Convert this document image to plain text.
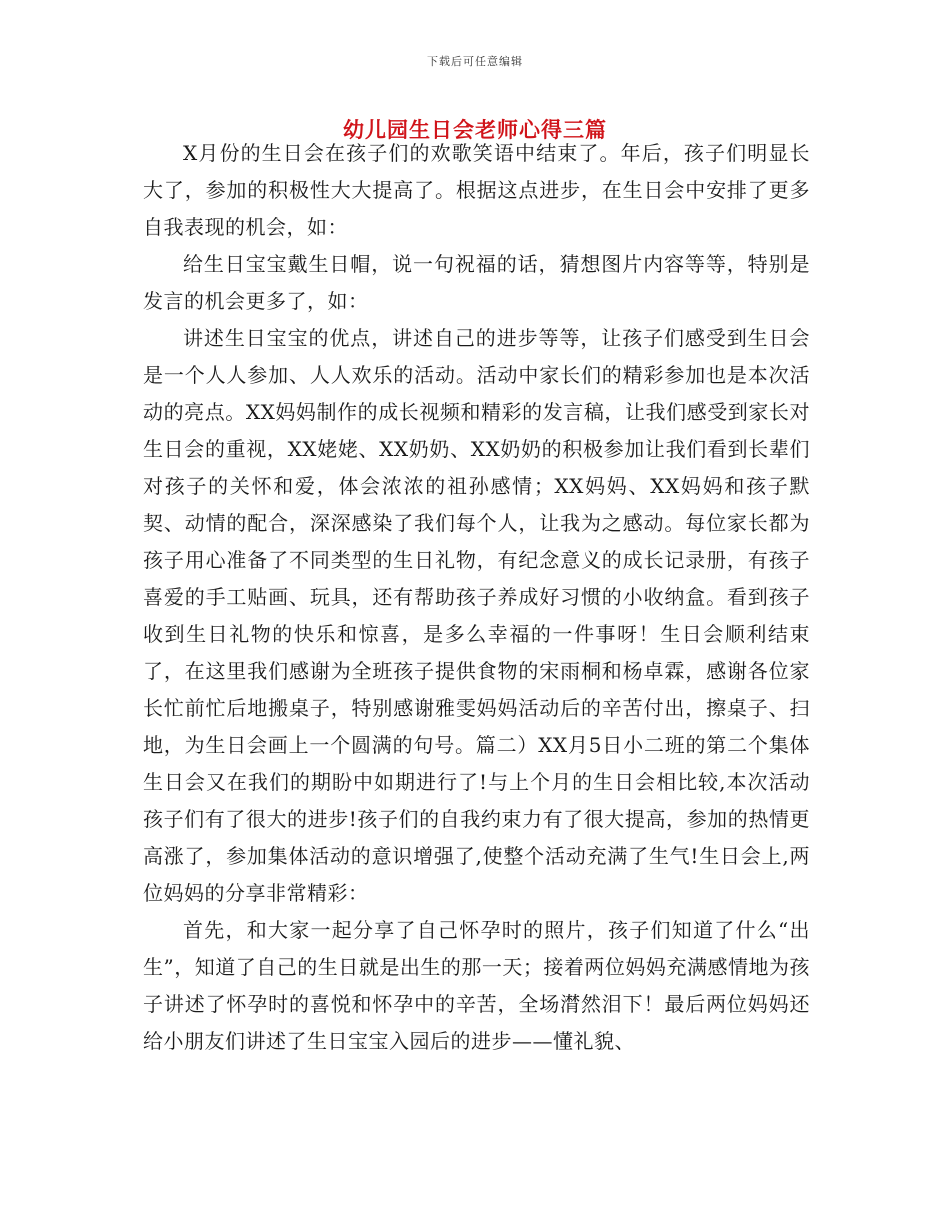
下载后可任意编辑
幼儿园生日会老师心得三篇

X月份的生日会在孩子们的欢歌笑语中结束了。年后，孩子们明显长大了，参加的积极性大大提高了。根据这点进步，在生日会中安排了更多自我表现的机会，如：

给生日宝宝戴生日帽，说一句祝福的话，猜想图片内容等等，特别是发言的机会更多了，如：

讲述生日宝宝的优点，讲述自己的进步等等，让孩子们感受到生日会是一个人人参加、人人欢乐的活动。活动中家长们的精彩参加也是本次活动的亮点。XX妈妈制作的成长视频和精彩的发言稿，让我们感受到家长对生日会的重视，XX姥姥、XX奶奶、XX奶奶的积极参加让我们看到长辈们对孩子的关怀和爱，体会浓浓的祖孙感情；XX妈妈、XX妈妈和孩子默契、动情的配合，深深感染了我们每个人，让我为之感动。每位家长都为孩子用心准备了不同类型的生日礼物，有纪念意义的成长记录册，有孩子喜爱的手工贴画、玩具，还有帮助孩子养成好习惯的小收纳盒。看到孩子收到生日礼物的快乐和惊喜，是多么幸福的一件事呀！生日会顺利结束了，在这里我们感谢为全班孩子提供食物的宋雨桐和杨卓霖，感谢各位家长忙前忙后地搬桌子，特别感谢雅雯妈妈活动后的辛苦付出，擦桌子、扫地，为生日会画上一个圆满的句号。篇二）XX月5日小二班的第二个集体生日会又在我们的期盼中如期进行了!与上个月的生日会相比较,本次活动孩子们有了很大的进步!孩子们的自我约束力有了很大提高，参加的热情更高涨了，参加集体活动的意识增强了,使整个活动充满了生气!生日会上,两位妈妈的分享非常精彩：

首先，和大家一起分享了自己怀孕时的照片，孩子们知道了什么“出生”，知道了自己的生日就是出生的那一天；接着两位妈妈充满感情地为孩子讲述了怀孕时的喜悦和怀孕中的辛苦，全场潸然泪下！最后两位妈妈还给小朋友们讲述了生日宝宝入园后的进步——懂礼貌、
